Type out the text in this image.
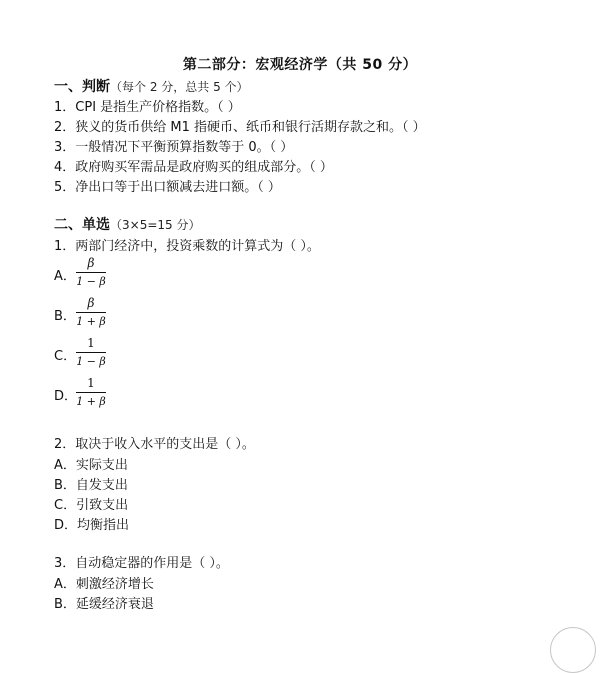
第二部分：宏观经济学（共 50 分）
一、判断（每个 2 分，总共 5 个）
1．CPI 是指生产价格指数。（ ）
2．狭义的货币供给 M1 指硬币、纸币和银行活期存款之和。（ ）
3．一般情况下平衡预算指数等于 0。（ ）
4．政府购买军需品是政府购买的组成部分。（ ）
5．净出口等于出口额减去进口额。（ ）
二、单选（3×5=15 分）
1．两部门经济中，投资乘数的计算式为（ ）。
A．
β
1 − β
B．
β
1 + β
C．
1
1 − β
D．
1
1 + β
2．取决于收入水平的支出是（ ）。
A．实际支出
B．自发支出
C．引致支出
D．均衡指出
3．自动稳定器的作用是（ ）。
A．刺激经济增长
B．延缓经济衰退
